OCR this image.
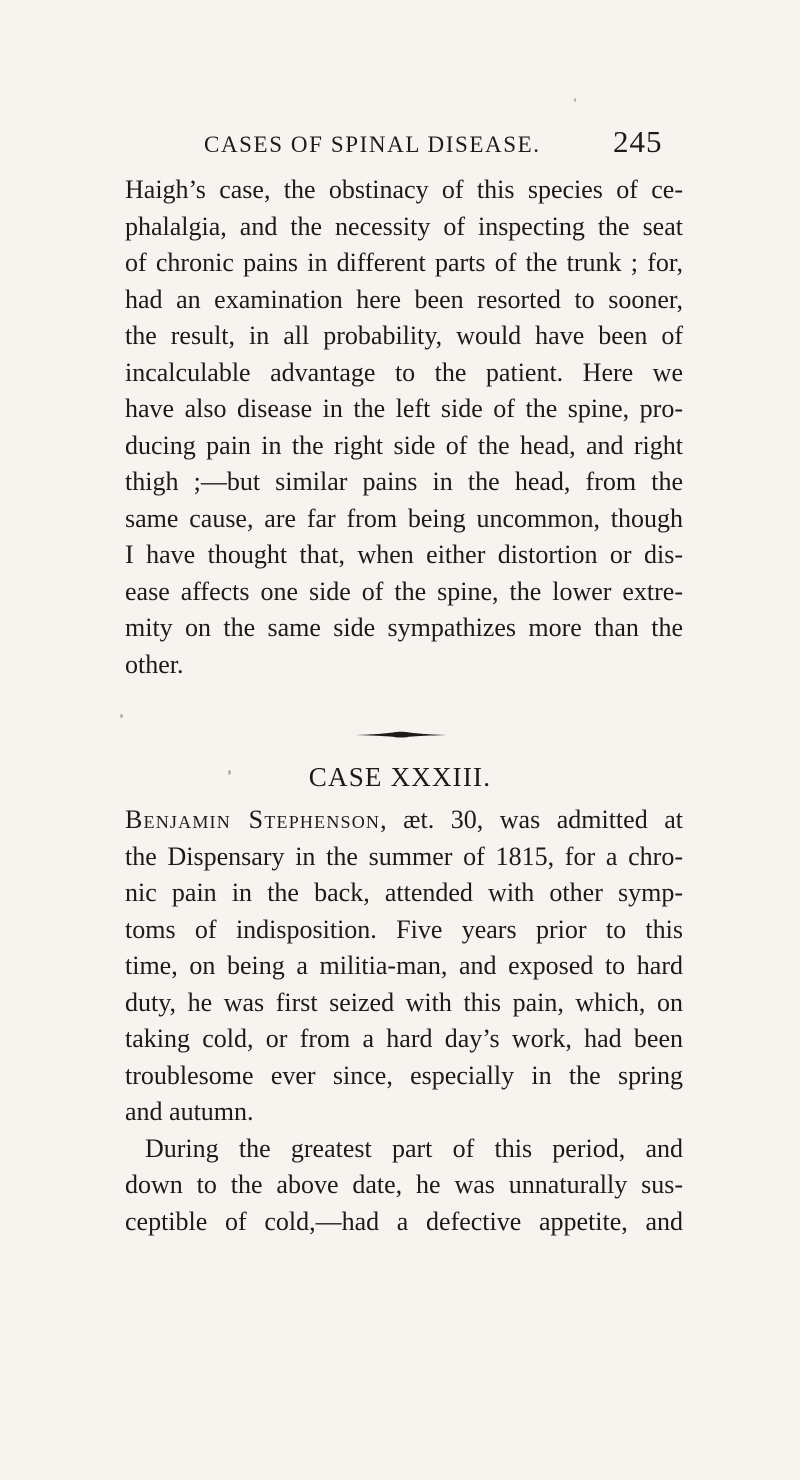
CASES OF SPINAL DISEASE.	245
Haigh’s case, the obstinacy of this species of ce-
phalalgia, and the necessity of inspecting the seat
of chronic pains in different parts of the trunk ; for,
had an examination here been resorted to sooner,
the result, in all probability, would have been of
incalculable advantage to the patient. Here we
have also disease in the left side of the spine, pro-
ducing pain in the right side of the head, and right
thigh ;—but similar pains in the head, from the
same cause, are far from being uncommon, though
I have thought that, when either distortion or dis-
ease affects one side of the spine, the lower extre-
mity on the same side sympathizes more than the
other.
CASE XXXIII.
Benjamin Stephenson, æt. 30, was admitted at
the Dispensary in the summer of 1815, for a chro-
nic pain in the back, attended with other symp-
toms of indisposition. Five years prior to this
time, on being a militia-man, and exposed to hard
duty, he was first seized with this pain, which, on
taking cold, or from a hard day’s work, had been
troublesome ever since, especially in the spring
and autumn.
During the greatest part of this period, and
down to the above date, he was unnaturally sus-
ceptible of cold,—had a defective appetite, and
